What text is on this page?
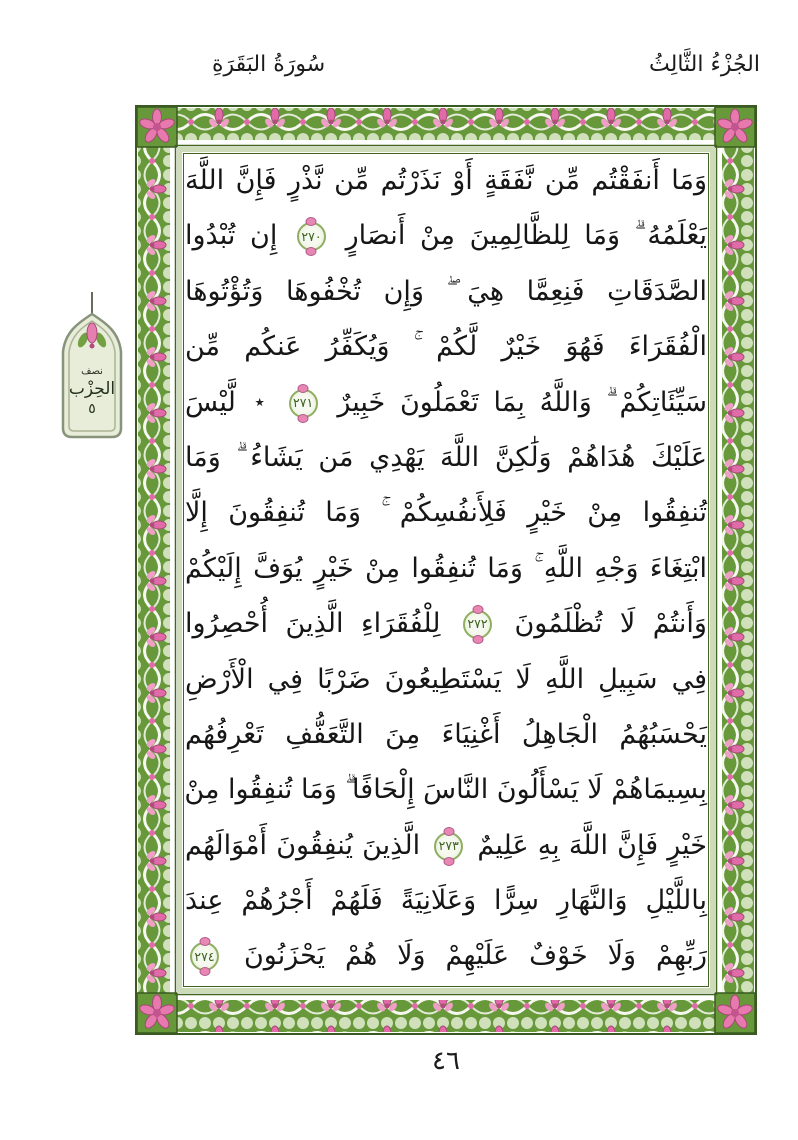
الجُزْءُ الثَّالِثُ
سُورَةُ البَقَرَةِ
نصف
الحِزْب
٥
وَمَا أَنفَقْتُم مِّن نَّفَقَةٍ أَوْ نَذَرْتُم مِّن نَّذْرٍ فَإِنَّ اللَّهَ
يَعْلَمُهُ ۗ وَمَا لِلظَّالِمِينَ مِنْ أَنصَارٍ ٢٧٠ إِن تُبْدُوا
الصَّدَقَاتِ فَنِعِمَّا هِيَ ۖ وَإِن تُخْفُوهَا وَتُؤْتُوهَا
الْفُقَرَاءَ فَهُوَ خَيْرٌ لَّكُمْ ۚ وَيُكَفِّرُ عَنكُم مِّن
سَيِّئَاتِكُمْ ۗ وَاللَّهُ بِمَا تَعْمَلُونَ خَبِيرٌ ٢٧١ ٭ لَّيْسَ
عَلَيْكَ هُدَاهُمْ وَلَٰكِنَّ اللَّهَ يَهْدِي مَن يَشَاءُ ۗ وَمَا
تُنفِقُوا مِنْ خَيْرٍ فَلِأَنفُسِكُمْ ۚ وَمَا تُنفِقُونَ إِلَّا
ابْتِغَاءَ وَجْهِ اللَّهِ ۚ وَمَا تُنفِقُوا مِنْ خَيْرٍ يُوَفَّ إِلَيْكُمْ
وَأَنتُمْ لَا تُظْلَمُونَ ٢٧٢ لِلْفُقَرَاءِ الَّذِينَ أُحْصِرُوا
فِي سَبِيلِ اللَّهِ لَا يَسْتَطِيعُونَ ضَرْبًا فِي الْأَرْضِ
يَحْسَبُهُمُ الْجَاهِلُ أَغْنِيَاءَ مِنَ التَّعَفُّفِ تَعْرِفُهُم
بِسِيمَاهُمْ لَا يَسْأَلُونَ النَّاسَ إِلْحَافًا ۗ وَمَا تُنفِقُوا مِنْ
خَيْرٍ فَإِنَّ اللَّهَ بِهِ عَلِيمٌ ٢٧٣ الَّذِينَ يُنفِقُونَ أَمْوَالَهُم
بِاللَّيْلِ وَالنَّهَارِ سِرًّا وَعَلَانِيَةً فَلَهُمْ أَجْرُهُمْ عِندَ
رَبِّهِمْ وَلَا خَوْفٌ عَلَيْهِمْ وَلَا هُمْ يَحْزَنُونَ ٢٧٤
٤٦
